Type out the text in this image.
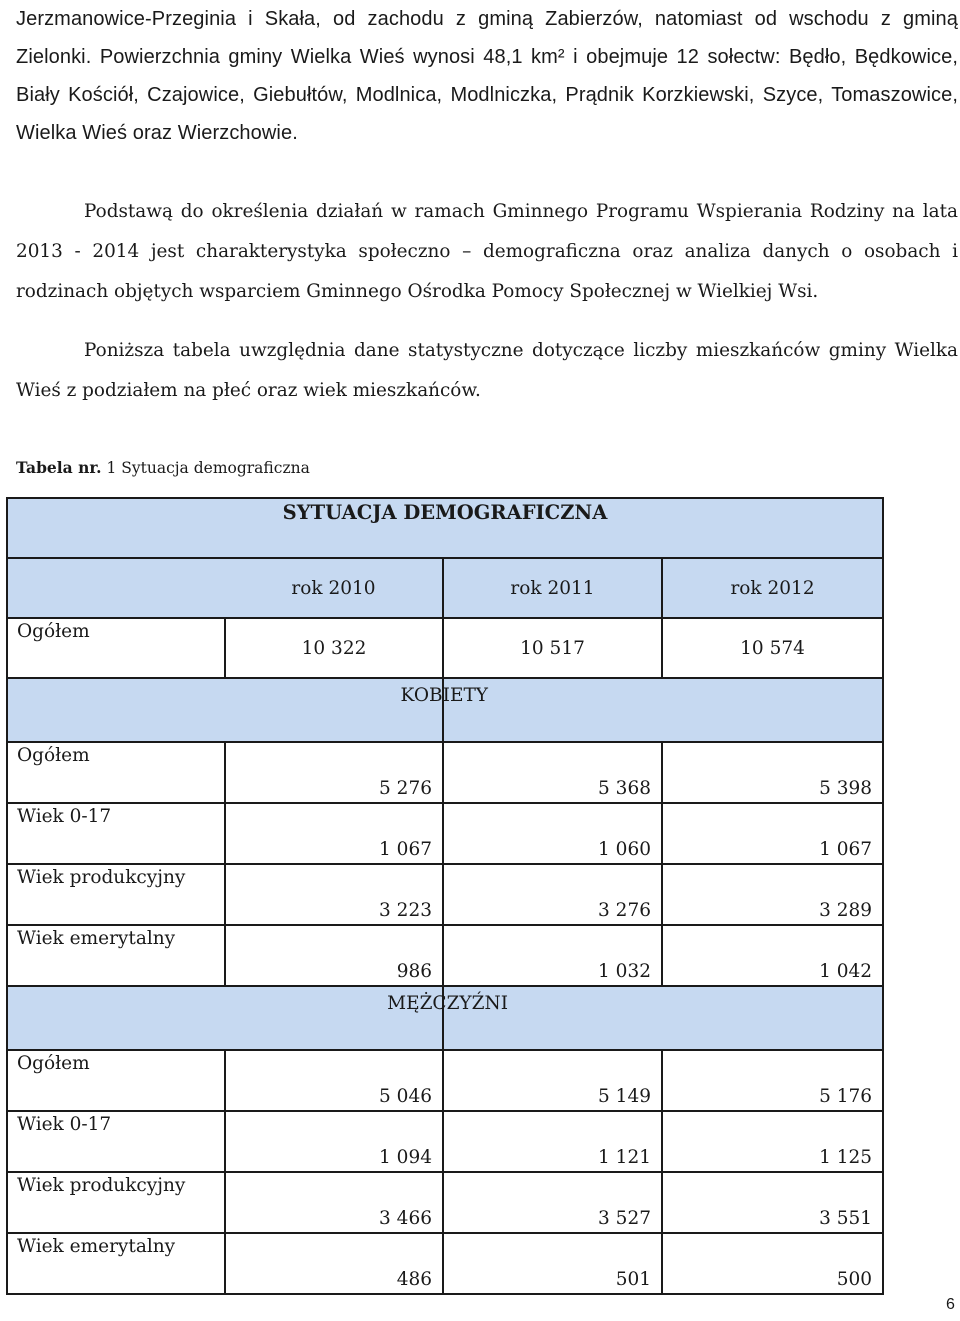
Jerzmanowice-Przeginia i Skała, od zachodu z gminą Zabierzów, natomiast od wschodu z gminą Zielonki. Powierzchnia gminy Wielka Wieś wynosi 48,1 km² i obejmuje 12 sołectw: Będło, Będkowice, Biały Kościół, Czajowice, Giebułtów, Modlnica, Modlniczka, Prądnik Korzkiewski, Szyce, Tomaszowice, Wielka Wieś oraz Wierzchowie.

Podstawą do określenia działań w ramach Gminnego Programu Wspierania Rodziny na lata 2013 - 2014 jest charakterystyka społeczno – demograficzna oraz analiza danych o osobach i rodzinach objętych wsparciem Gminnego Ośrodka Pomocy Społecznej w Wielkiej Wsi.

Poniższa tabela uwzględnia dane statystyczne dotyczące liczby mieszkańców gminy Wielka Wieś z podziałem na płeć oraz wiek mieszkańców.

Tabela nr. 1 Sytuacja demograficzna
SYTUACJA DEMOGRAFICZNA			
	rok 2010	rok 2011	rok 2012
Ogółem	10 322	10 517	10 574
KOBIETY			
Ogółem	5 276	5 368	5 398
Wiek 0-17	1 067	1 060	1 067
Wiek produkcyjny	3 223	3 276	3 289
Wiek emerytalny	986	1 032	1 042
MĘŻCZYŹNI			
Ogółem	5 046	5 149	5 176
Wiek 0-17	1 094	1 121	1 125
Wiek produkcyjny	3 466	3 527	3 551
Wiek emerytalny	486	501	500
6
